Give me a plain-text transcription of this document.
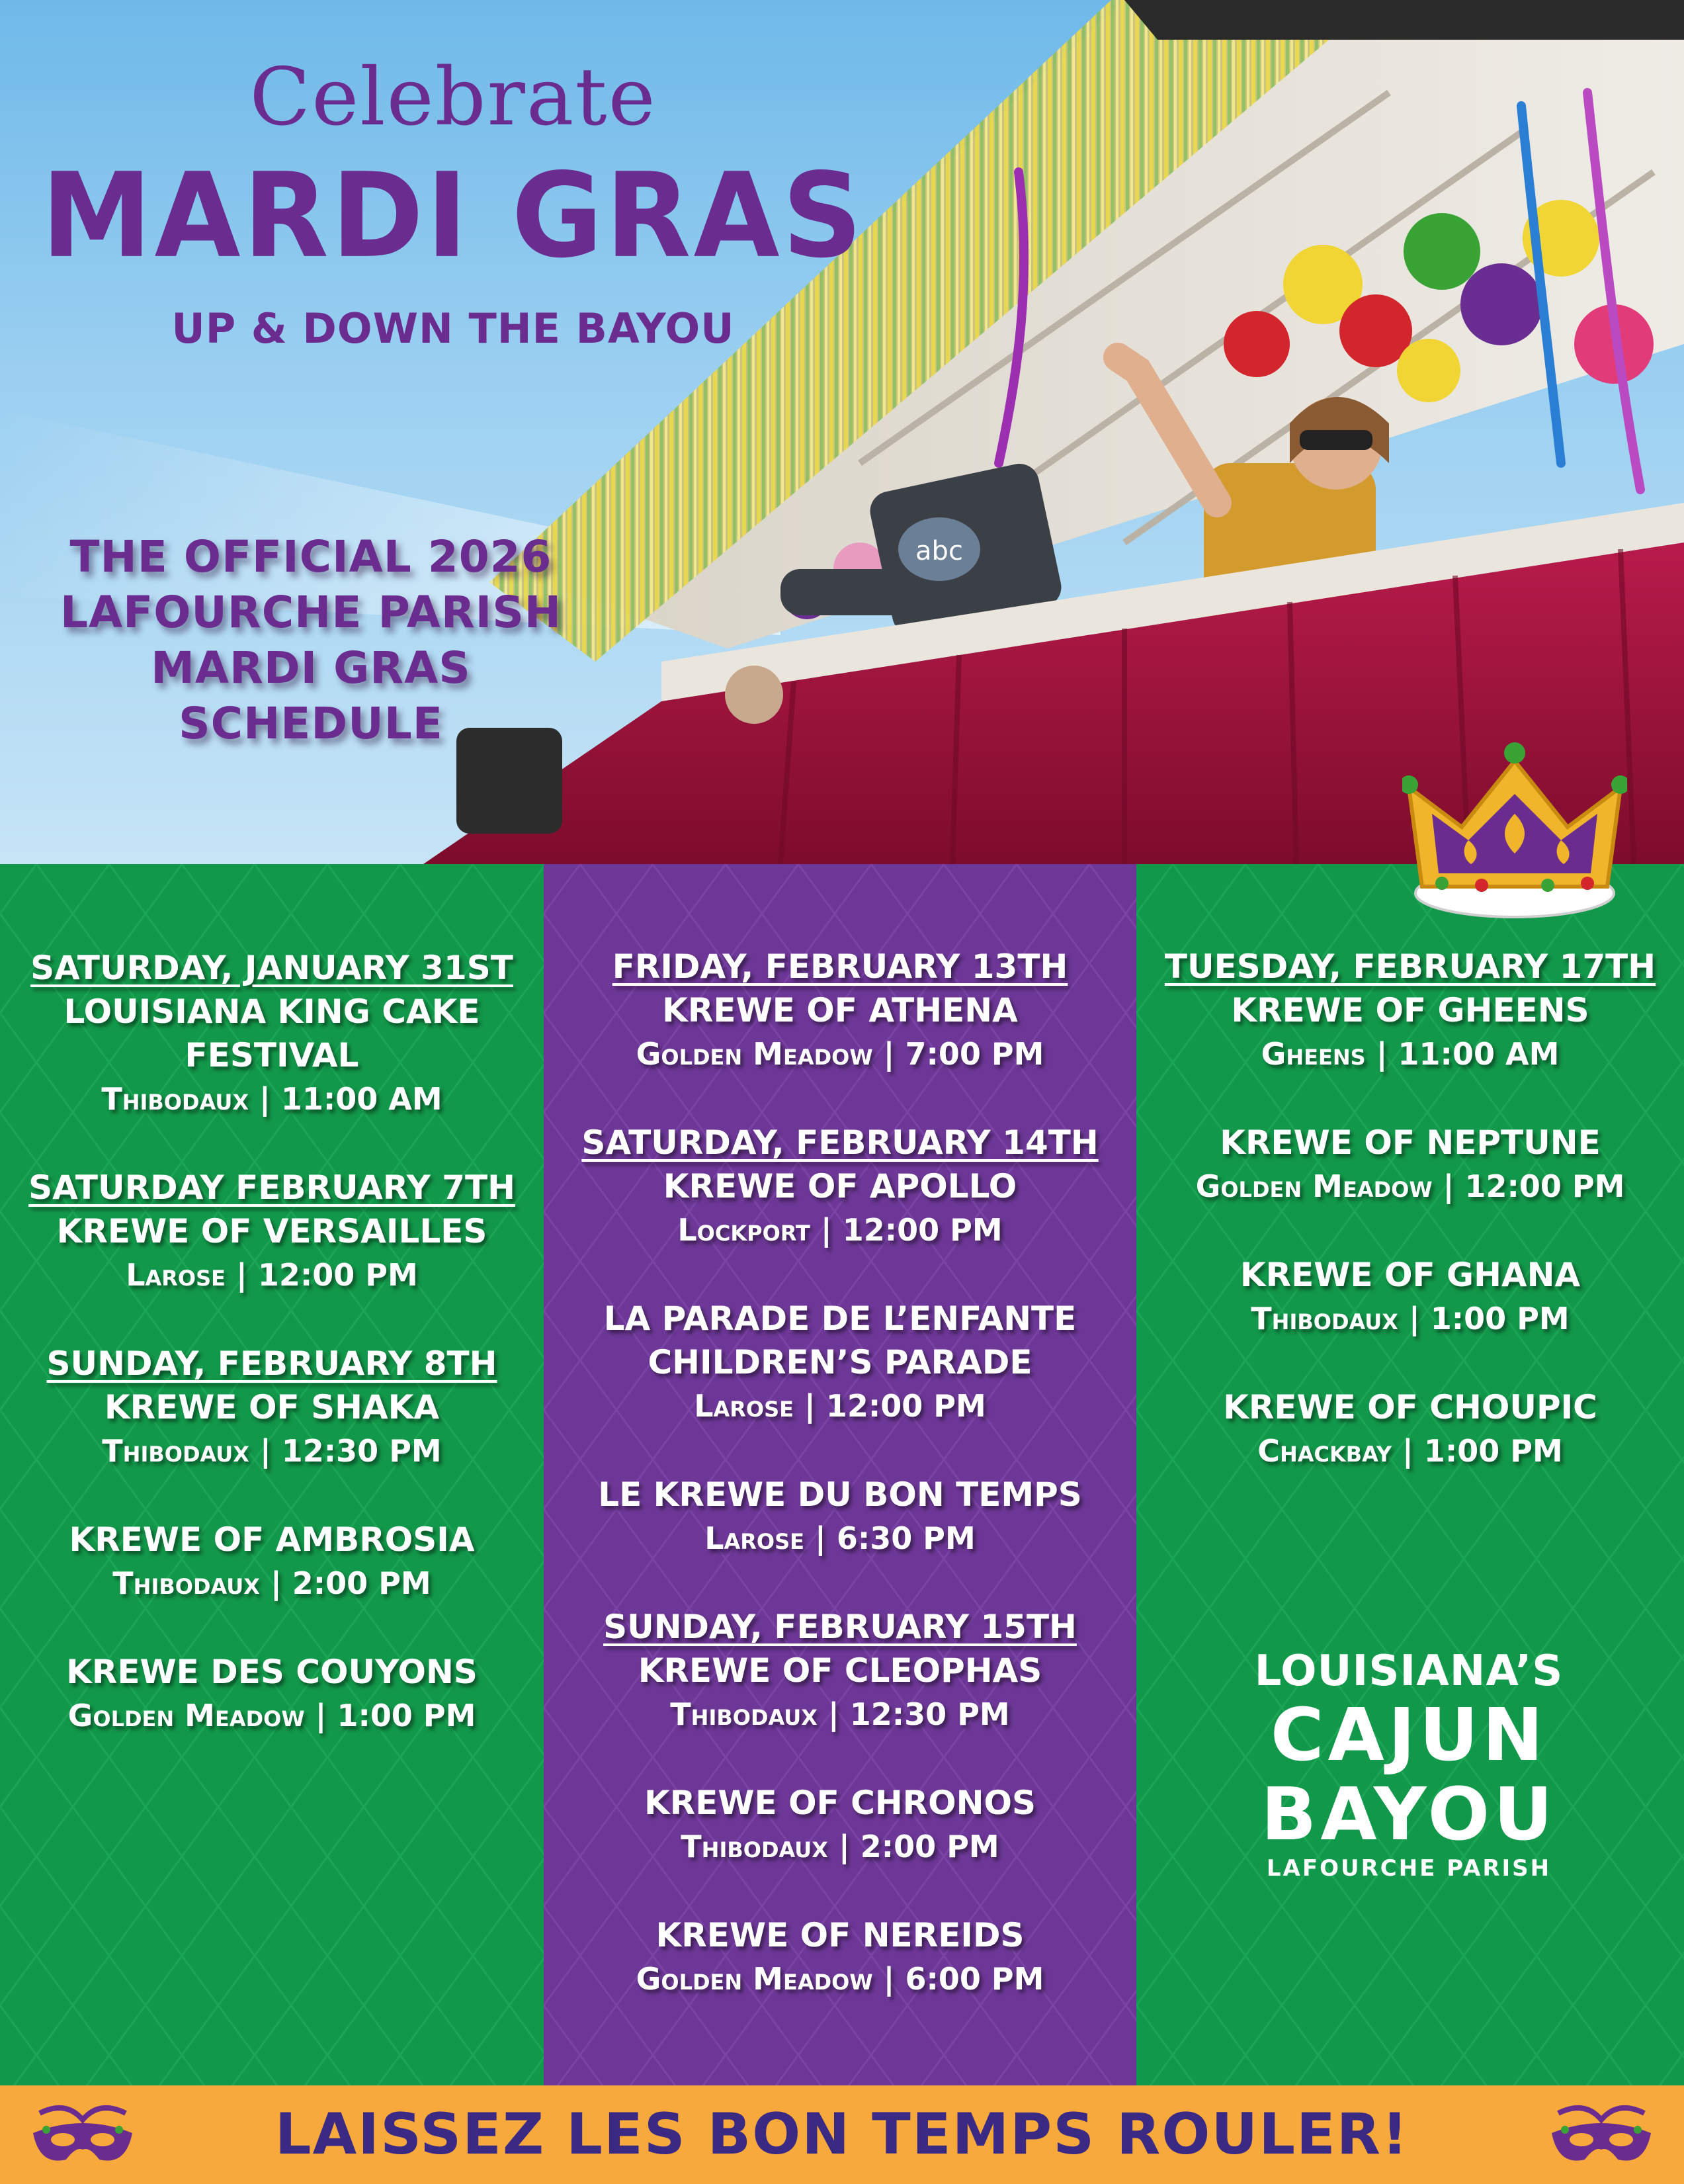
abc
Celebrate
MARDI GRAS
UP & DOWN THE BAYOU
THE OFFICIAL 2026
LAFOURCHE PARISH
MARDI GRAS SCHEDULE
SATURDAY, JANUARY 31ST
LOUISIANA KING CAKE FESTIVAL
Thibodaux | 11:00 AM
SATURDAY FEBRUARY 7TH
KREWE OF VERSAILLES
Larose | 12:00 PM
SUNDAY, FEBRUARY 8TH
KREWE OF SHAKA
Thibodaux | 12:30 PM
KREWE OF AMBROSIA
Thibodaux | 2:00 PM
KREWE DES COUYONS
Golden Meadow | 1:00 PM
FRIDAY, FEBRUARY 13TH
KREWE OF ATHENA
Golden Meadow | 7:00 PM
SATURDAY, FEBRUARY 14TH
KREWE OF APOLLO
Lockport | 12:00 PM
LA PARADE DE L’ENFANTE
CHILDREN’S PARADE
Larose | 12:00 PM
LE KREWE DU BON TEMPS
Larose | 6:30 PM
SUNDAY, FEBRUARY 15TH
KREWE OF CLEOPHAS
Thibodaux | 12:30 PM
KREWE OF CHRONOS
Thibodaux | 2:00 PM
KREWE OF NEREIDS
Golden Meadow | 6:00 PM
TUESDAY, FEBRUARY 17TH
KREWE OF GHEENS
Gheens | 11:00 AM
KREWE OF NEPTUNE
Golden Meadow | 12:00 PM
KREWE OF GHANA
Thibodaux | 1:00 PM
KREWE OF CHOUPIC
Chackbay | 1:00 PM
LOUISIANA’S
CAJUN BAYOU
LAFOURCHE PARISH
LAISSEZ LES BON TEMPS ROULER!
